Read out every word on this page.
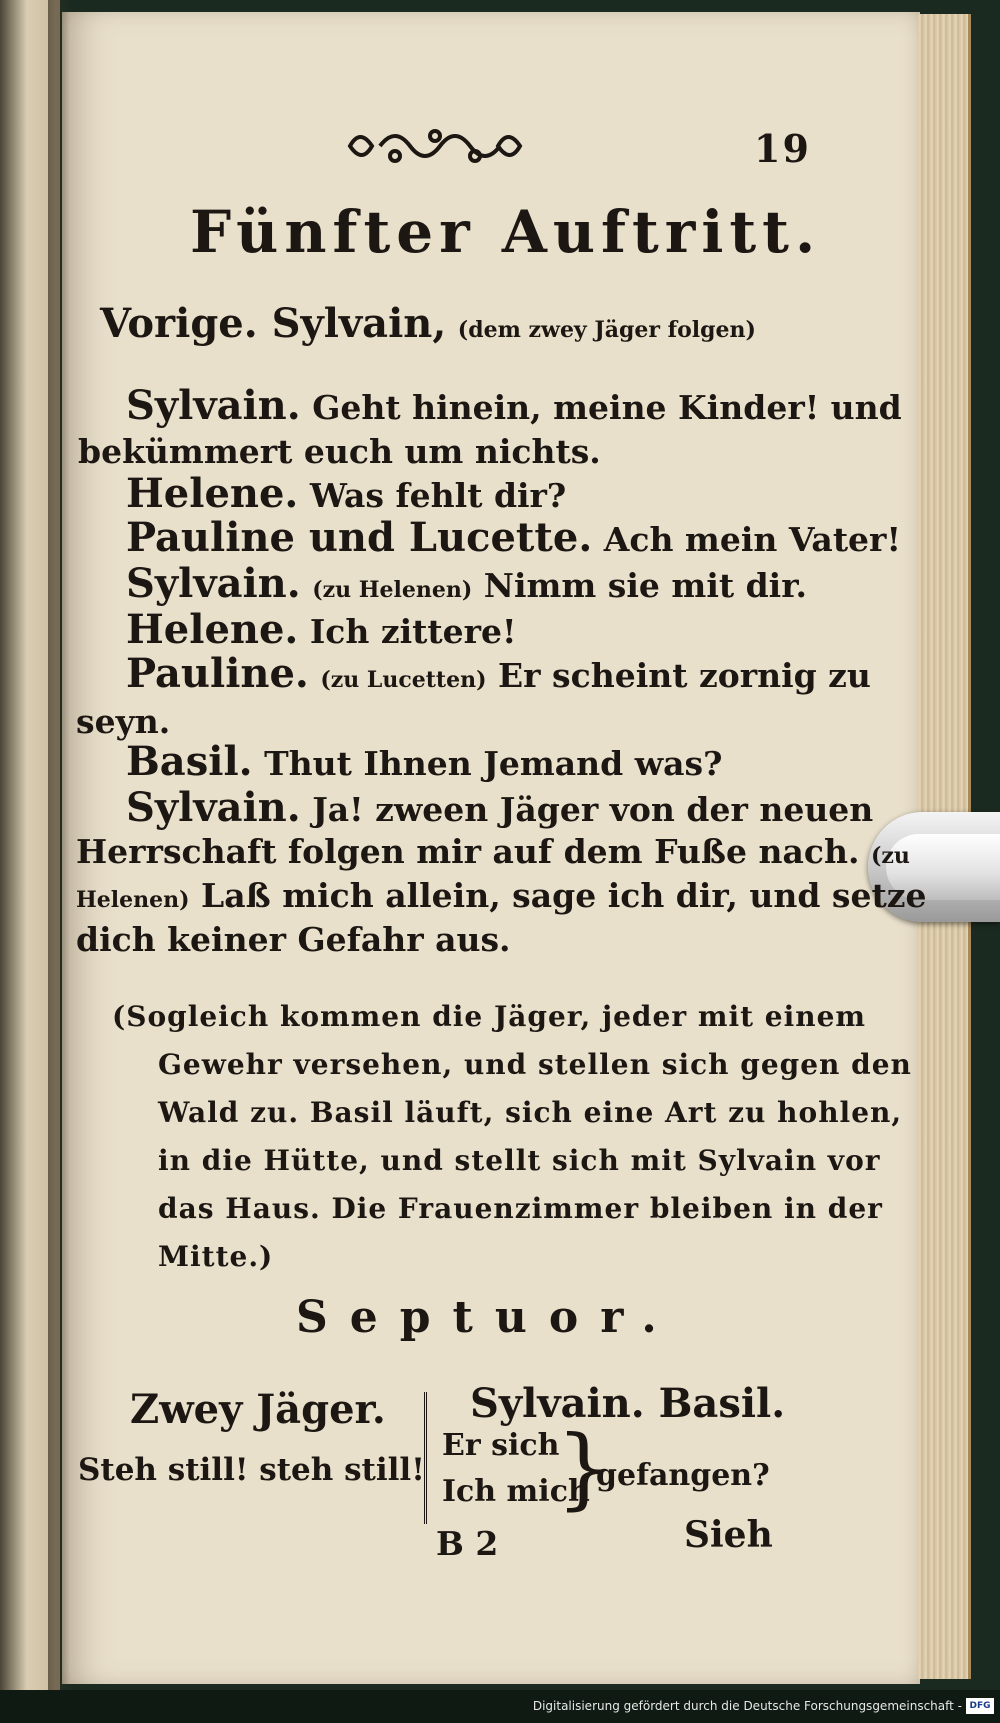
19
Fünfter Auftritt.
Vorige. Sylvain, (dem zwey Jäger folgen)
Sylvain. Geht hinein, meine Kinder! und
bekümmert euch um nichts.
Helene. Was fehlt dir?
Pauline und Lucette. Ach mein Vater!
Sylvain. (zu Helenen) Nimm sie mit dir.
Helene. Ich zittere!
Pauline. (zu Lucetten) Er scheint zornig zu
seyn.
Basil. Thut Ihnen Jemand was?
Sylvain. Ja! zween Jäger von der neuen
Herrschaft folgen mir auf dem Fuße nach. (zu
Helenen) Laß mich allein, sage ich dir, und setze
dich keiner Gefahr aus.
(Sogleich kommen die Jäger, jeder mit einem
Gewehr versehen, und stellen sich gegen den
Wald zu. Basil läuft, sich eine Art zu hohlen,
in die Hütte, und stellt sich mit Sylvain vor
das Haus. Die Frauenzimmer bleiben in der
Mitte.)
Septuor.
Zwey Jäger.
Steh still! steh still!
Sylvain. Basil.
Er sich
Ich mich
}
gefangen?
B 2	Sieh
Digitalisierung gefördert durch die Deutsche Forschungsgemeinschaft - DFG
